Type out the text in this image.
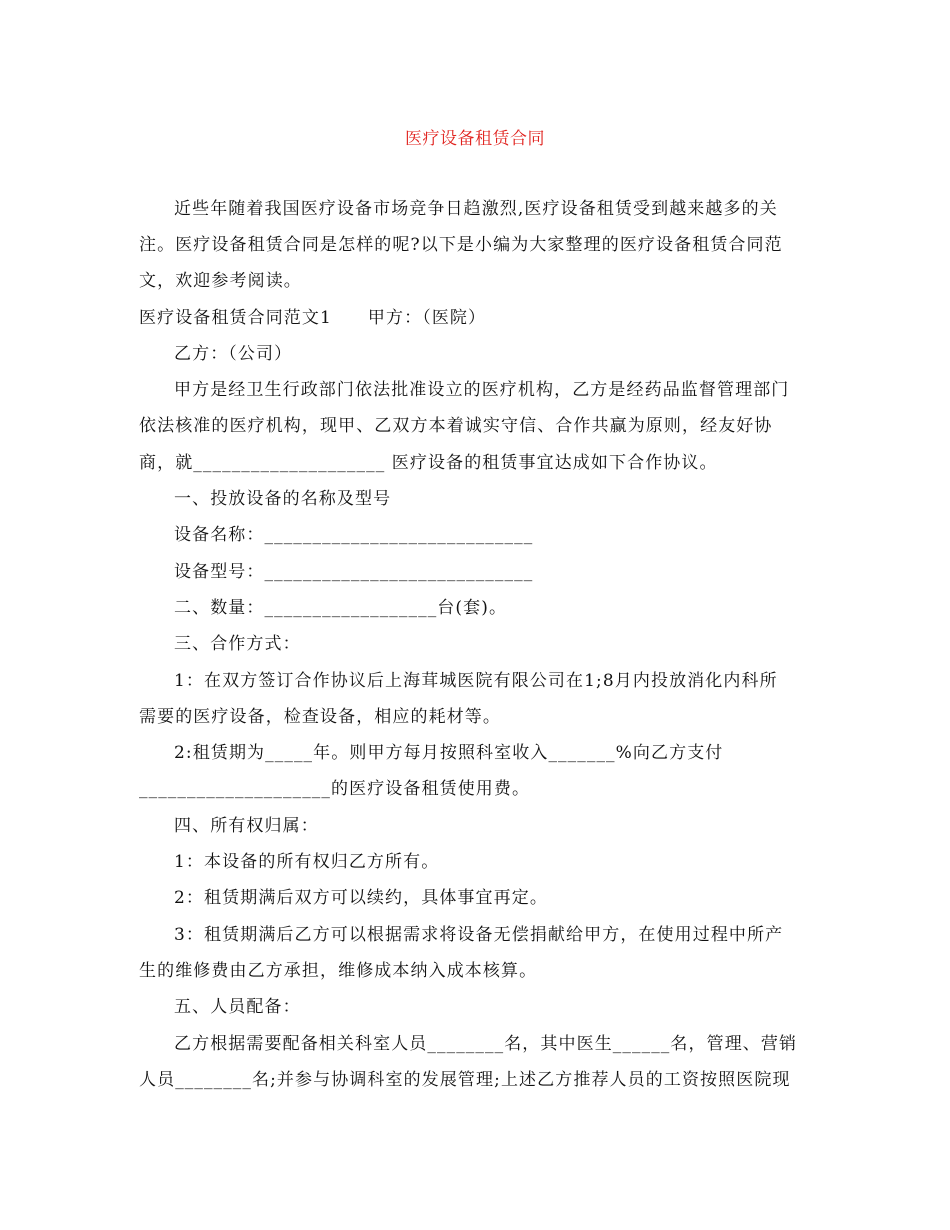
医疗设备租赁合同
近些年随着我国医疗设备市场竞争日趋激烈,医疗设备租赁受到越来越多的关
注。医疗设备租赁合同是怎样的呢?以下是小编为大家整理的医疗设备租赁合同范
文，欢迎参考阅读。
医疗设备租赁合同范文1 甲方：（医院）
乙方：（公司）
甲方是经卫生行政部门依法批准设立的医疗机构，乙方是经药品监督管理部门
依法核准的医疗机构，现甲、乙双方本着诚实守信、合作共赢为原则，经友好协
商，就____________________ 医疗设备的租赁事宜达成如下合作协议。
一、投放设备的名称及型号
设备名称：____________________________
设备型号：____________________________
二、数量：__________________台(套)。
三、合作方式：
1：在双方签订合作协议后上海茸城医院有限公司在1;8月内投放消化内科所
需要的医疗设备，检查设备，相应的耗材等。
2:租赁期为_____年。则甲方每月按照科室收入_______%向乙方支付
____________________的医疗设备租赁使用费。
四、所有权归属：
1：本设备的所有权归乙方所有。
2：租赁期满后双方可以续约，具体事宜再定。
3：租赁期满后乙方可以根据需求将设备无偿捐献给甲方，在使用过程中所产
生的维修费由乙方承担，维修成本纳入成本核算。
五、人员配备：
乙方根据需要配备相关科室人员________名，其中医生______名，管理、营销
人员________名;并参与协调科室的发展管理;上述乙方推荐人员的工资按照医院现
